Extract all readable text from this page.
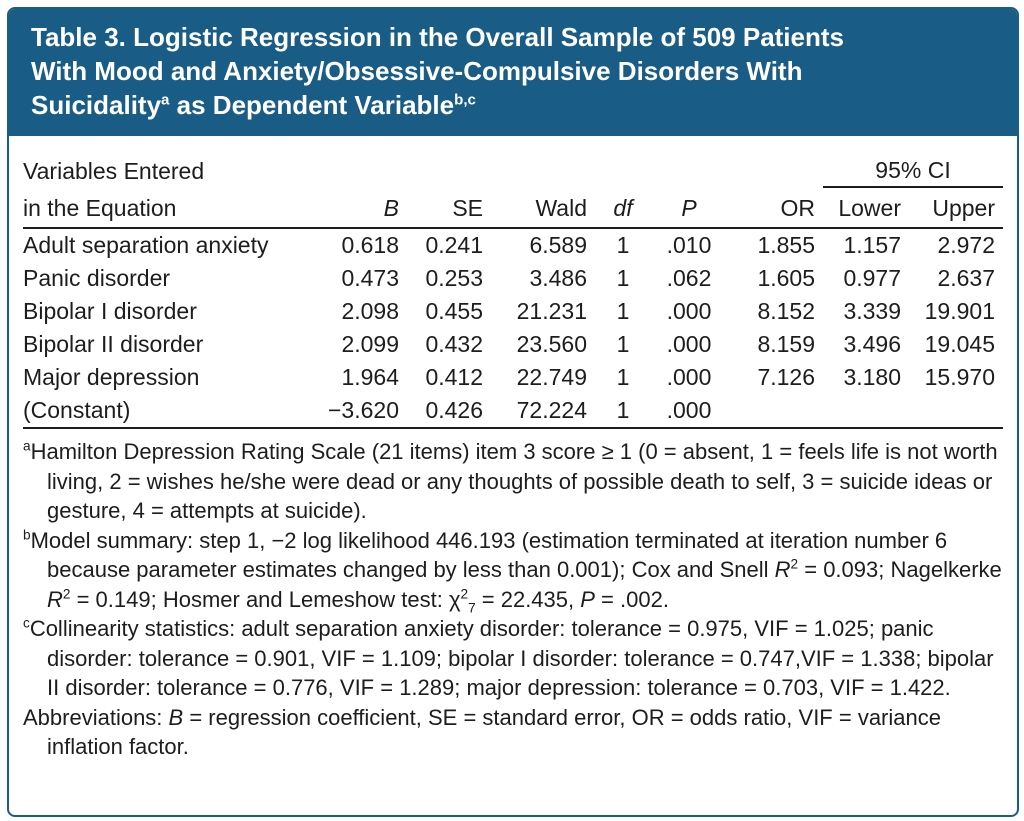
Table 3. Logistic Regression in the Overall Sample of 509 Patients
With Mood and Anxiety/Obsessive-Compulsive Disorders With
Suicidality$^a$ as Dependent Variable$^{b,c}$
Variables Entered							95% CI	
in the Equation	B	SE	Wald	df	P	OR	Lower	Upper
Adult separation anxiety	0.618	0.241	6.589	1	.010	1.855	1.157	2.972
Panic disorder	0.473	0.253	3.486	1	.062	1.605	0.977	2.637
Bipolar I disorder	2.098	0.455	21.231	1	.000	8.152	3.339	19.901
Bipolar II disorder	2.099	0.432	23.560	1	.000	8.159	3.496	19.045
Major depression	1.964	0.412	22.749	1	.000	7.126	3.180	15.970
(Constant)	−3.620	0.426	72.224	1	.000			

$^a$Hamilton Depression Rating Scale (21 items) item 3 score ≥ 1 (0 = absent, 1 = feels life is not worth living, 2 = wishes he/she were dead or any thoughts of possible death to self, 3 = suicide ideas or gesture, 4 = attempts at suicide).

$^b$Model summary: step 1, −2 log likelihood 446.193 (estimation terminated at iteration number 6 because parameter estimates changed by less than 0.001); Cox and Snell $R^2 = 0.093$; Nagelkerke $R^2 = 0.149$; Hosmer and Lemeshow test: $\chi^2_7 = 22.435$, P = .002.

$^c$Collinearity statistics: adult separation anxiety disorder: tolerance = 0.975, VIF = 1.025; panic disorder: tolerance = 0.901, VIF = 1.109; bipolar I disorder: tolerance = 0.747,VIF = 1.338; bipolar II disorder: tolerance = 0.776, VIF = 1.289; major depression: tolerance = 0.703, VIF = 1.422.

Abbreviations: B = regression coefficient, SE = standard error, OR = odds ratio, VIF = variance inflation factor.
